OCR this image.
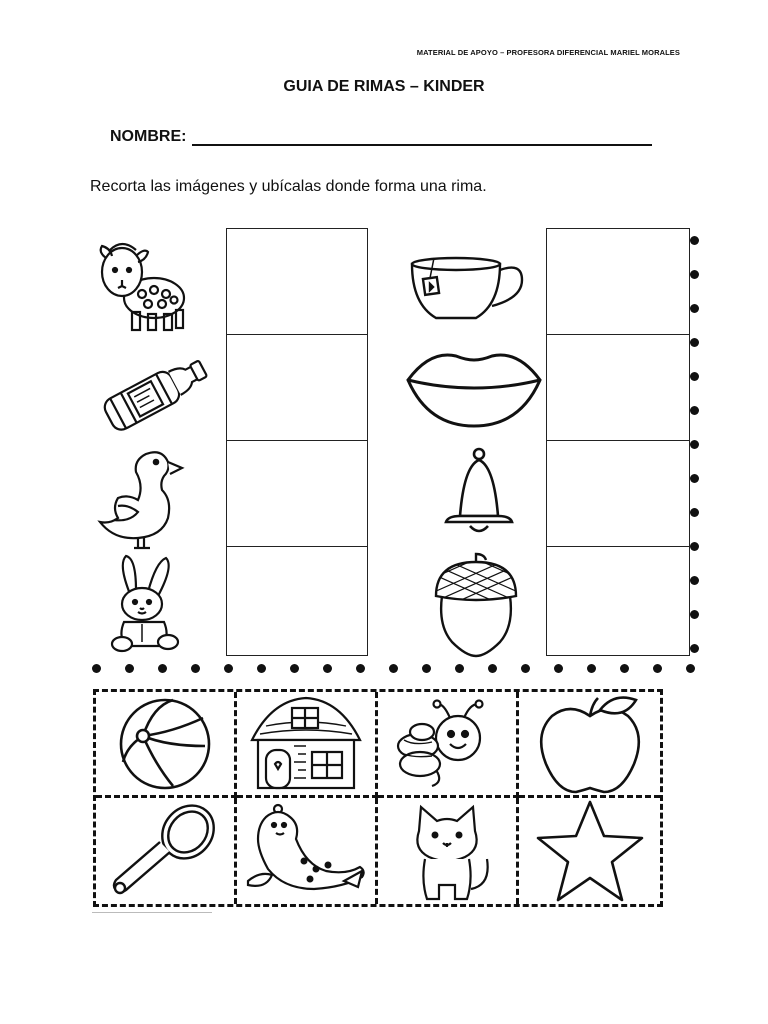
MATERIAL DE APOYO – PROFESORA DIFERENCIAL MARIEL MORALES
GUIA DE RIMAS – KINDER
NOMBRE:
Recorta las imágenes y ubícalas donde forma una rima.
